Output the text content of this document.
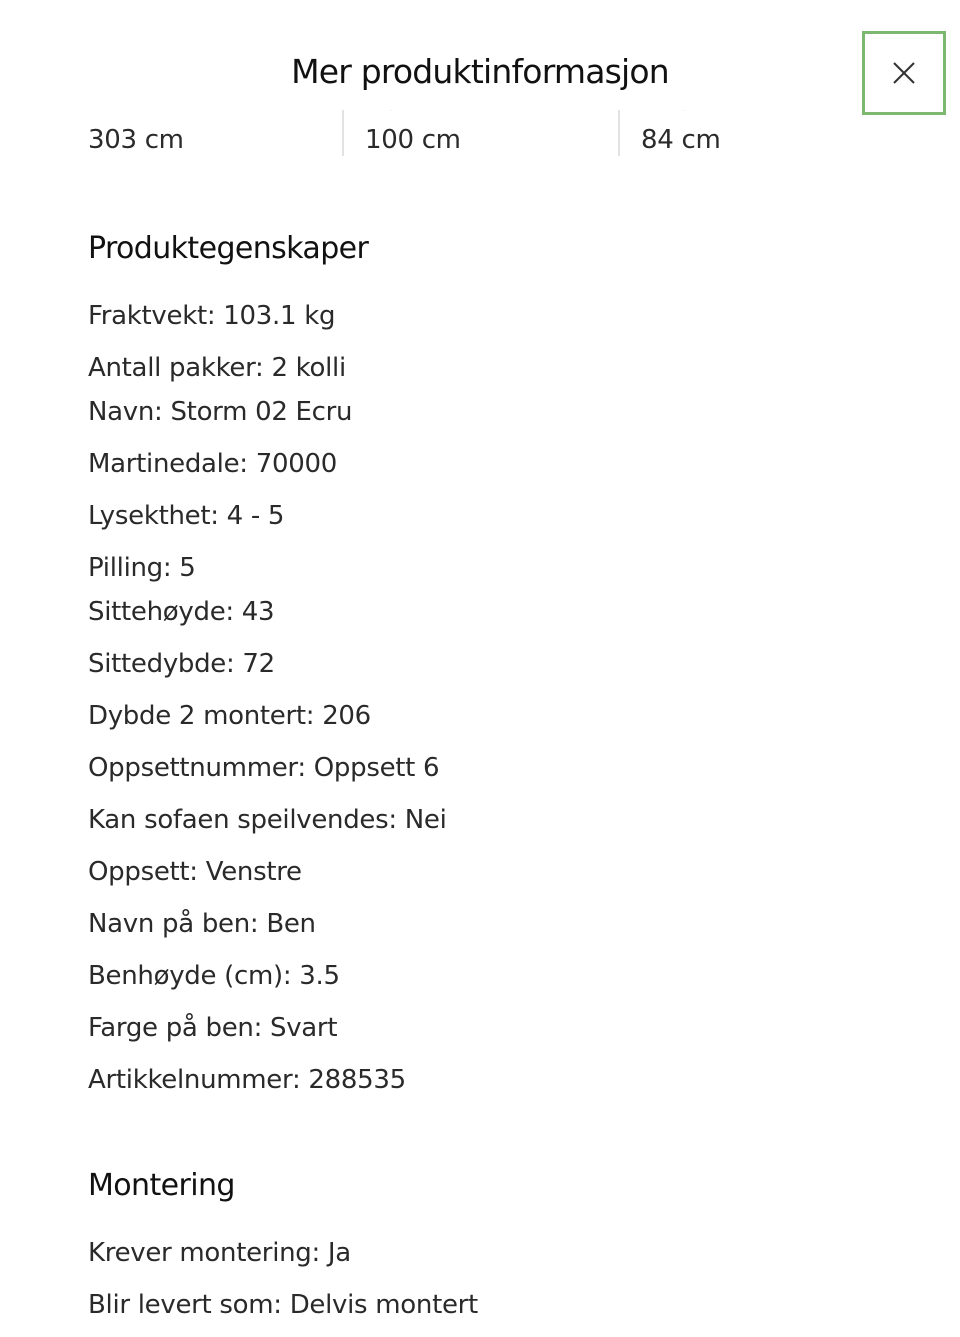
Mer produktinformasjon
303 cm	100 cm	84 cm
Produktegenskaper
Fraktvekt: 103.1 kg
Antall pakker: 2 kolli
Navn: Storm 02 Ecru
Martinedale: 70000
Lysekthet: 4 - 5
Pilling: 5
Sittehøyde: 43
Sittedybde: 72
Dybde 2 montert: 206
Oppsettnummer: Oppsett 6
Kan sofaen speilvendes: Nei
Oppsett: Venstre
Navn på ben: Ben
Benhøyde (cm): 3.5
Farge på ben: Svart
Artikkelnummer: 288535
Montering
Krever montering: Ja
Blir levert som: Delvis montert
